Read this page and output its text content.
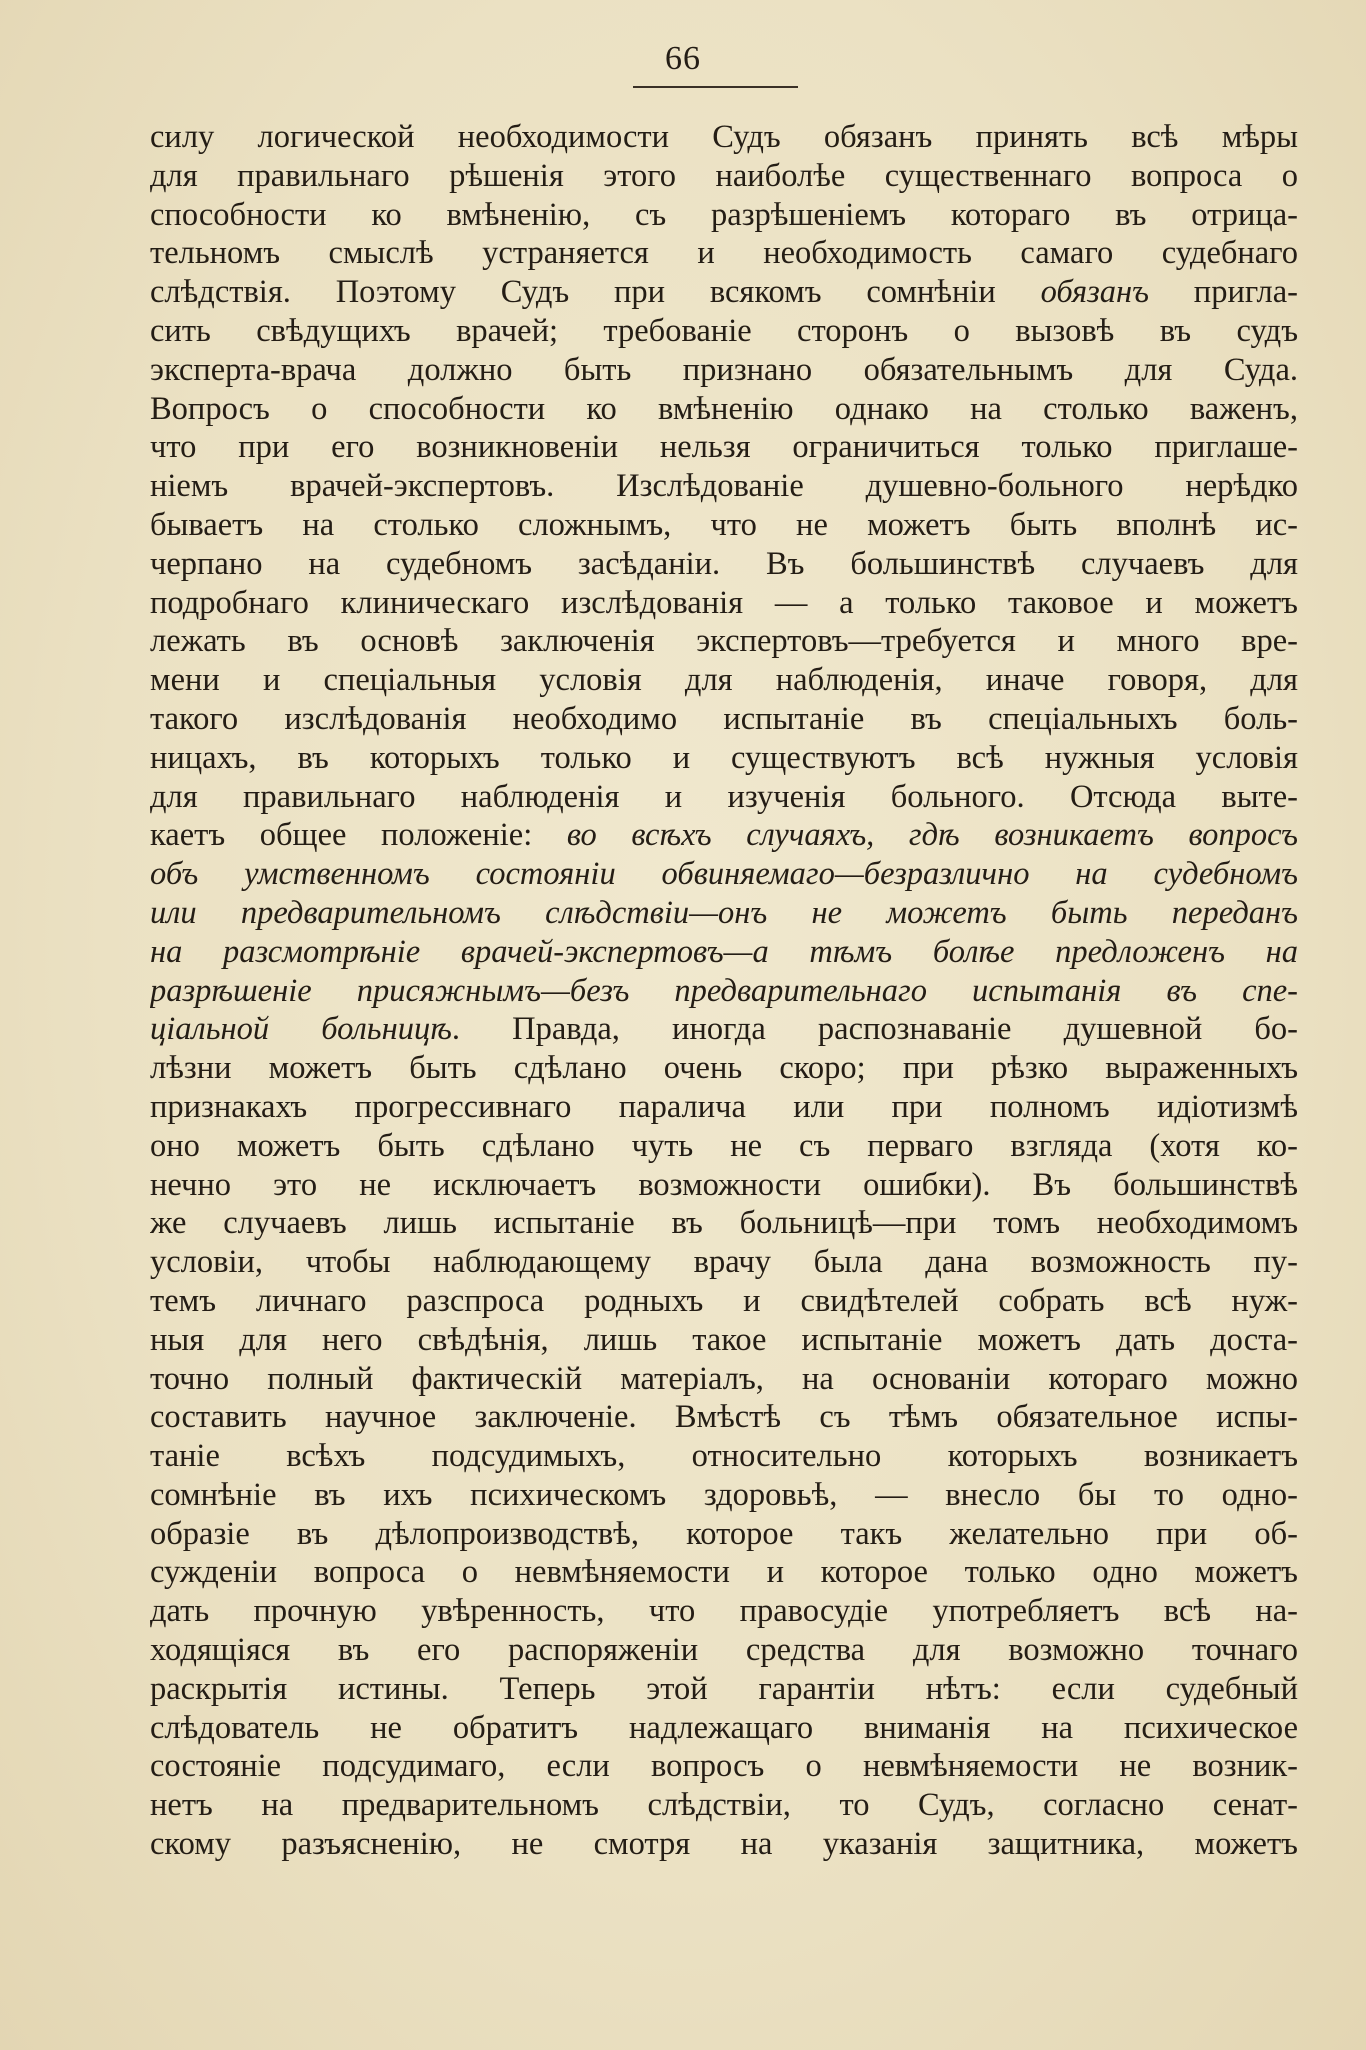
66
силу логической необходимости Судъ обязанъ принять всѣ мѣры
для правильнаго рѣшенія этого наиболѣе существеннаго вопроса о
способности ко вмѣненію, съ разрѣшеніемъ котораго въ отрица-
тельномъ смыслѣ устраняется и необходимость самаго судебнаго
слѣдствія. Поэтому Судъ при всякомъ сомнѣніи обязанъ пригла-
сить свѣдущихъ врачей; требованіе сторонъ о вызовѣ въ судъ
эксперта-врача должно быть признано обязательнымъ для Суда.
Вопросъ о способности ко вмѣненію однако на столько важенъ,
что при его возникновеніи нельзя ограничиться только приглаше-
ніемъ врачей-экспертовъ. Изслѣдованіе душевно-больного нерѣдко
бываетъ на столько сложнымъ, что не можетъ быть вполнѣ ис-
черпано на судебномъ засѣданіи. Въ большинствѣ случаевъ для
подробнаго клиническаго изслѣдованія — а только таковое и можетъ
лежать въ основѣ заключенія экспертовъ—требуется и много вре-
мени и спеціальныя условія для наблюденія, иначе говоря, для
такого изслѣдованія необходимо испытаніе въ спеціальныхъ боль-
ницахъ, въ которыхъ только и существуютъ всѣ нужныя условія
для правильнаго наблюденія и изученія больного. Отсюда выте-
каетъ общее положеніе: во всѣхъ случаяхъ, гдѣ возникаетъ вопросъ
объ умственномъ состояніи обвиняемаго—безразлично на судебномъ
или предварительномъ слѣдствіи—онъ не можетъ быть переданъ
на разсмотрѣніе врачей-экспертовъ—а тѣмъ болѣе предложенъ на
разрѣшеніе присяжнымъ—безъ предварительнаго испытанія въ спе-
ціальной больницѣ. Правда, иногда распознаваніе душевной бо-
лѣзни можетъ быть сдѣлано очень скоро; при рѣзко выраженныхъ
признакахъ прогрессивнаго паралича или при полномъ идіотизмѣ
оно можетъ быть сдѣлано чуть не съ перваго взгляда (хотя ко-
нечно это не исключаетъ возможности ошибки). Въ большинствѣ
же случаевъ лишь испытаніе въ больницѣ—при томъ необходимомъ
условіи, чтобы наблюдающему врачу была дана возможность пу-
темъ личнаго разспроса родныхъ и свидѣтелей собрать всѣ нуж-
ныя для него свѣдѣнія, лишь такое испытаніе можетъ дать доста-
точно полный фактическій матеріалъ, на основаніи котораго можно
составить научное заключеніе. Вмѣстѣ съ тѣмъ обязательное испы-
таніе всѣхъ подсудимыхъ, относительно которыхъ возникаетъ
сомнѣніе въ ихъ психическомъ здоровьѣ, — внесло бы то одно-
образіе въ дѣлопроизводствѣ, которое такъ желательно при об-
сужденіи вопроса о невмѣняемости и которое только одно можетъ
дать прочную увѣренность, что правосудіе употребляетъ всѣ на-
ходящіяся въ его распоряженіи средства для возможно точнаго
раскрытія истины. Теперь этой гарантіи нѣтъ: если судебный
слѣдователь не обратитъ надлежащаго вниманія на психическое
состояніе подсудимаго, если вопросъ о невмѣняемости не возник-
нетъ на предварительномъ слѣдствіи, то Судъ, согласно сенат-
скому разъясненію, не смотря на указанія защитника, можетъ
